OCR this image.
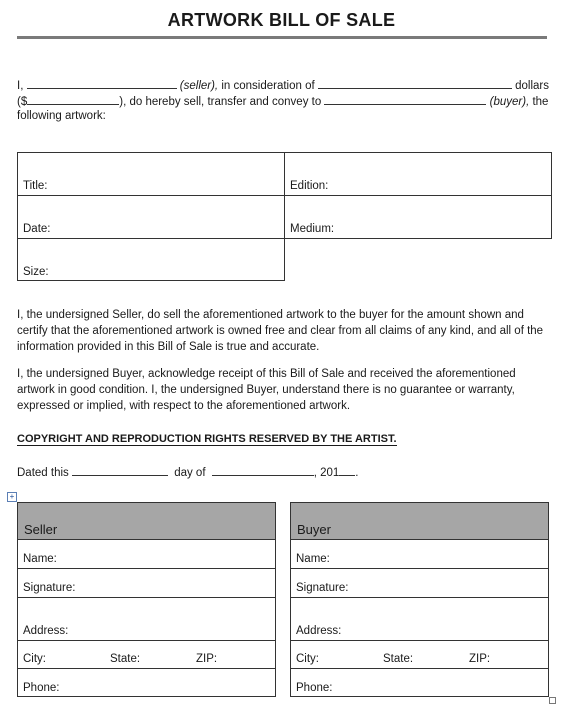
ARTWORK BILL OF SALE
I,	(seller), in consideration of	dollars
($	), do hereby sell, transfer and convey to	(buyer), the
following artwork:
Title:	Edition:
Date:	Medium:
Size:
I, the undersigned Seller, do sell the aforementioned artwork to the buyer for the amount shown and certify that the aforementioned artwork is owned free and clear from all claims of any kind, and all of the information provided in this Bill of Sale is true and accurate.
I, the undersigned Buyer, acknowledge receipt of this Bill of Sale and received the aforementioned artwork in good condition. I, the undersigned Buyer, understand there is no guarantee or warranty, expressed or implied, with respect to the aforementioned artwork.
COPYRIGHT AND REPRODUCTION RIGHTS RESERVED BY THE ARTIST.
Dated this	day of	, 201 .
+
Seller
Name:
Signature:
Address:
City:	State:	ZIP:
Phone:
Buyer
Name:
Signature:
Address:
City:	State:	ZIP:
Phone:
